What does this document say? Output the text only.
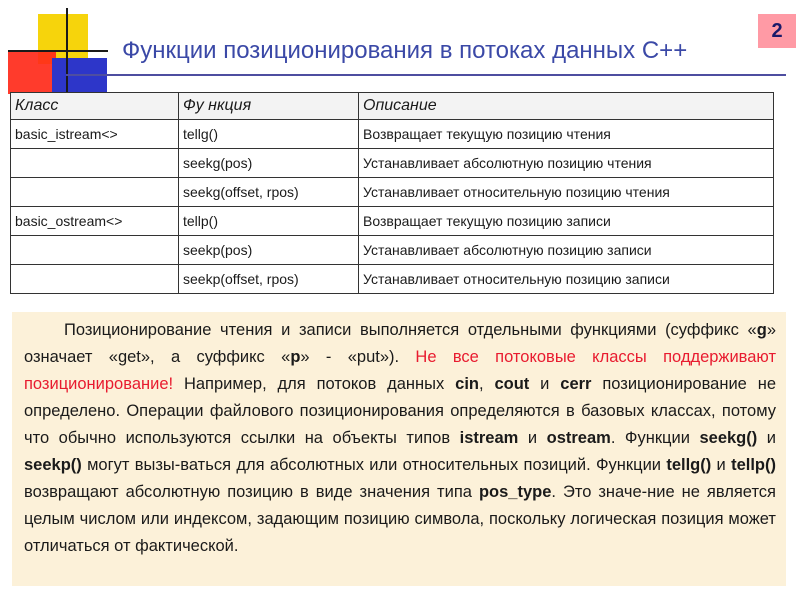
2
Функции позиционирования в потоках данных С++
Класс	Фу нкция	Описание
basic_istream<>	tellg()	Возвращает текущую позицию чтения
	seekg(pos)	Устанавливает абсолютную позицию чтения
	seekg(offset, rpos)	Устанавливает относительную позицию чтения
basic_ostream<>	tellp()	Возвращает текущую позицию записи
	seekp(pos)	Устанавливает абсолютную позицию записи
	seekp(offset, rpos)	Устанавливает относительную позицию записи
Позиционирование чтения и записи выполняется отдельными функциями (суффикс «g» означает «get», а суффикс «p» - «put»). Не все потоковые классы поддерживают позиционирование! Например, для потоков данных cin, cout и cerr позиционирование не определено. Операции файлового позиционирования определяются в базовых классах, потому что обычно используются ссылки на объекты типов istream и ostream. Функции seekg() и seekp() могут вызы-ваться для абсолютных или относительных позиций. Функции tellg() и tellp() возвращают абсолютную позицию в виде значения типа pos_type. Это значе-ние не является целым числом или индексом, задающим позицию символа, поскольку логическая позиция может отличаться от фактической.
